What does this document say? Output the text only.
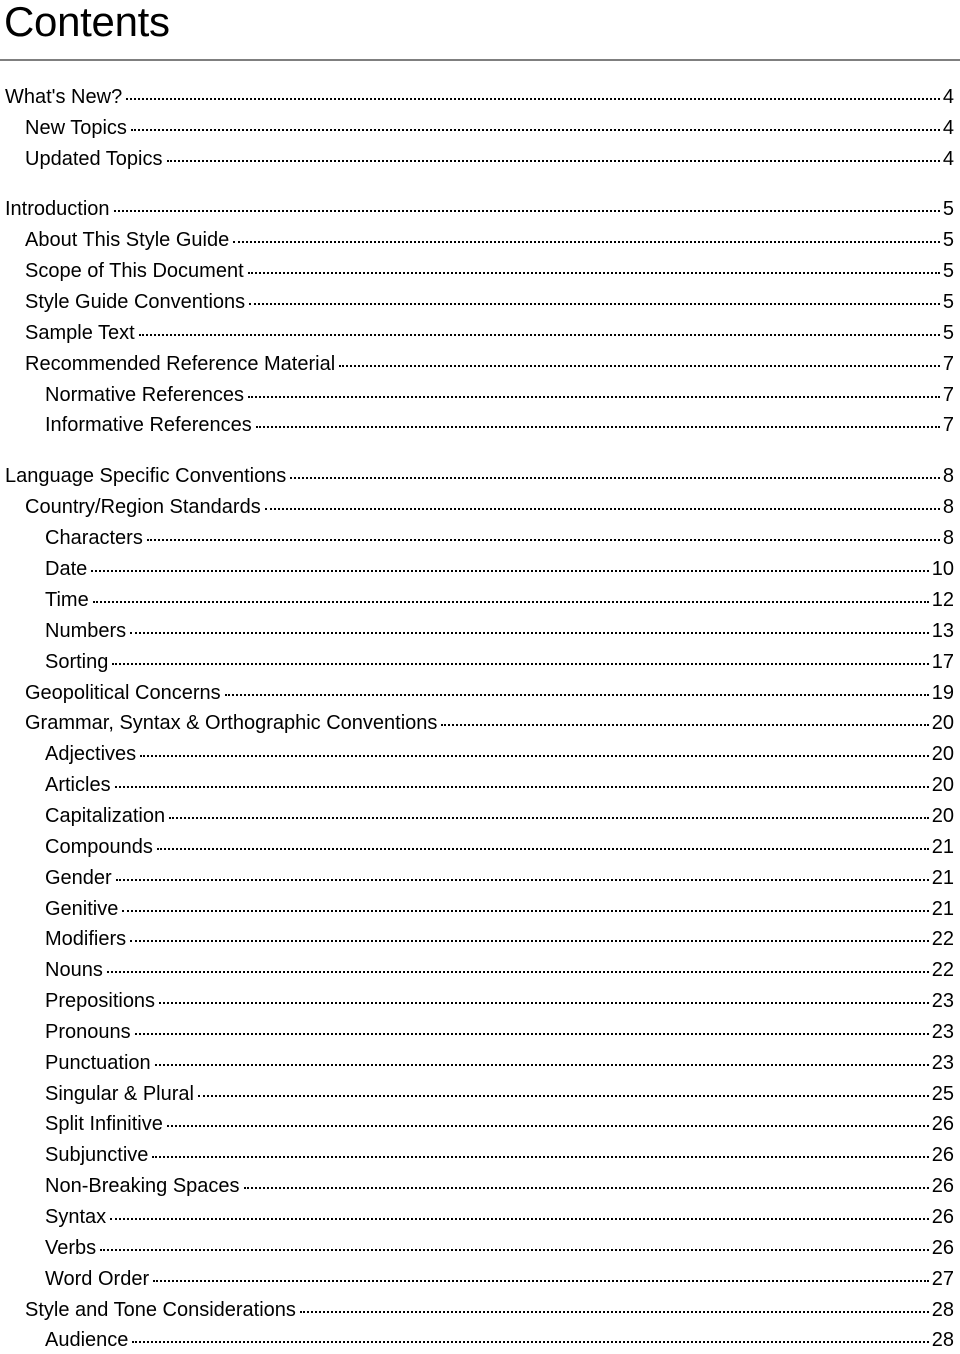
Contents
What's New?	4
New Topics	4
Updated Topics	4
Introduction	5
About This Style Guide	5
Scope of This Document	5
Style Guide Conventions	5
Sample Text	5
Recommended Reference Material	7
Normative References	7
Informative References	7
Language Specific Conventions	8
Country/Region Standards	8
Characters	8
Date	10
Time	12
Numbers	13
Sorting	17
Geopolitical Concerns	19
Grammar, Syntax & Orthographic Conventions	20
Adjectives	20
Articles	20
Capitalization	20
Compounds	21
Gender	21
Genitive	21
Modifiers	22
Nouns	22
Prepositions	23
Pronouns	23
Punctuation	23
Singular & Plural	25
Split Infinitive	26
Subjunctive	26
Non-Breaking Spaces	26
Syntax	26
Verbs	26
Word Order	27
Style and Tone Considerations	28
Audience	28
